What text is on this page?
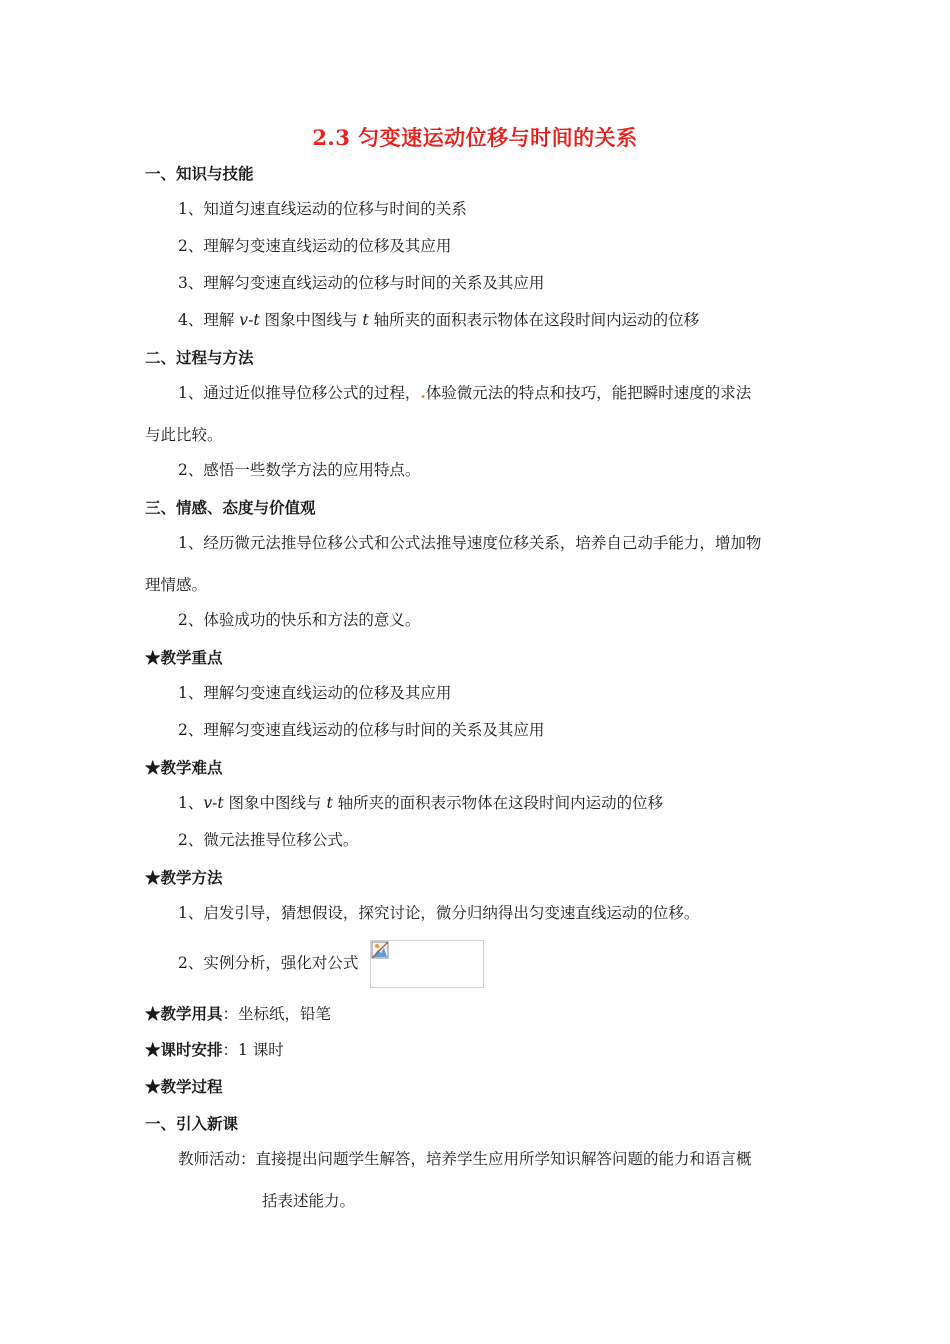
2.3 匀变速运动位移与时间的关系
一、知识与技能
1、知道匀速直线运动的位移与时间的关系
2、理解匀变速直线运动的位移及其应用
3、理解匀变速直线运动的位移与时间的关系及其应用
4、理解 v-t 图象中图线与 t 轴所夹的面积表示物体在这段时间内运动的位移
二、过程与方法
1、通过近似推导位移公式的过程，.体验微元法的特点和技巧，能把瞬时速度的求法
与此比较。
2、感悟一些数学方法的应用特点。
三、情感、态度与价值观
1、经历微元法推导位移公式和公式法推导速度位移关系，培养自己动手能力，增加物
理情感。
2、体验成功的快乐和方法的意义。
★教学重点
1、理解匀变速直线运动的位移及其应用
2、理解匀变速直线运动的位移与时间的关系及其应用
★教学难点
1、v-t 图象中图线与 t 轴所夹的面积表示物体在这段时间内运动的位移
2、微元法推导位移公式。
★教学方法
1、启发引导，猜想假设，探究讨论，微分归纳得出匀变速直线运动的位移。
2、实例分析，强化对公式
★教学用具：坐标纸，铅笔
★课时安排：1 课时
★教学过程
一、引入新课
教师活动：直接提出问题学生解答，培养学生应用所学知识解答问题的能力和语言概
括表述能力。
